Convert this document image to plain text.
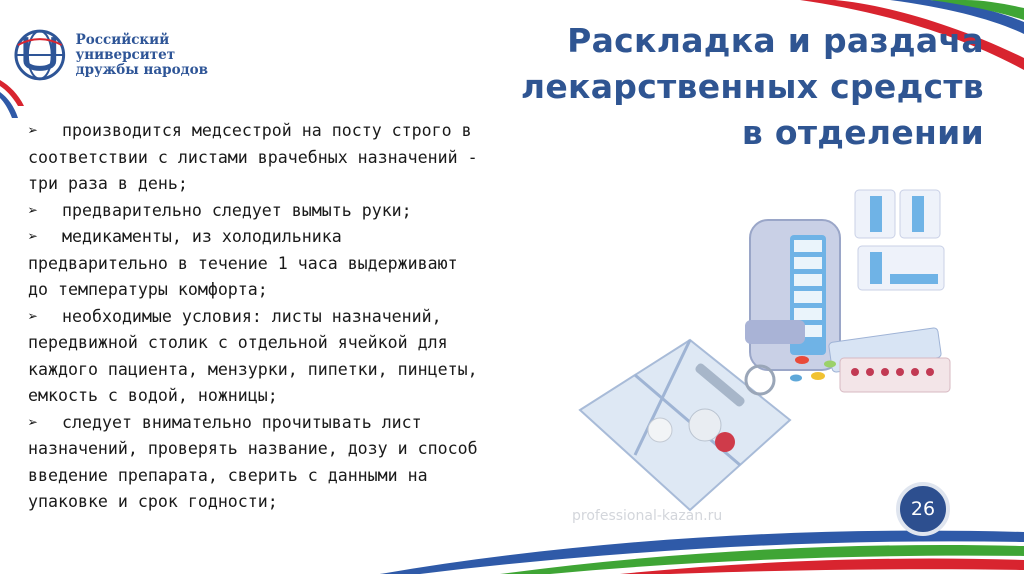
Российский университет
дружбы народов
Раскладка и раздача
лекарственных средств
в отделении
➢ производится медсестрой на посту строго в
соответствии с листами врачебных назначений -
три раза в день;
➢ предварительно следует вымыть руки;
➢ медикаменты, из холодильника
предварительно в течение 1 часа выдерживают
до температуры комфорта;
➢ необходимые условия: листы назначений,
передвижной столик с отдельной ячейкой для
каждого пациента, мензурки, пипетки, пинцеты,
емкость с водой, ножницы;
➢ следует внимательно прочитывать лист
назначений, проверять название, дозу и способ
введение препарата, сверить с данными на
упаковке и срок годности;
professional-kazan.ru	26
